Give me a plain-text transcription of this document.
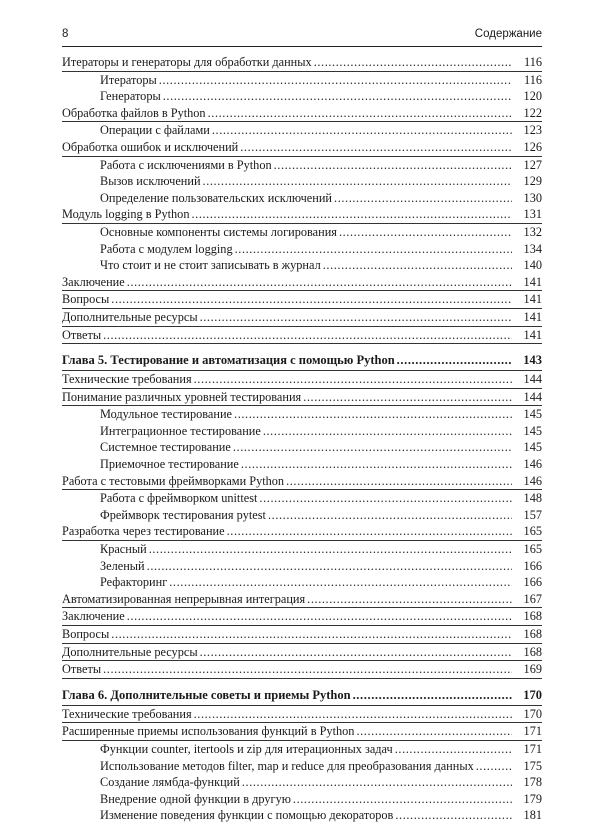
8	Содержание
Итераторы и генераторы для обработки данных .....	116
Итераторы .....	116
Генераторы .....	120
Обработка файлов в Python .....	122
Операции с файлами .....	123
Обработка ошибок и исключений .....	126
Работа с исключениями в Python .....	127
Вызов исключений .....	129
Определение пользовательских исключений .....	130
Модуль logging в Python .....	131
Основные компоненты системы логирования .....	132
Работа с модулем logging .....	134
Что стоит и не стоит записывать в журнал .....	140
Заключение .....	141
Вопросы .....	141
Дополнительные ресурсы .....	141
Ответы .....	141
Глава 5. Тестирование и автоматизация с помощью Python .....	143
Технические требования .....	144
Понимание различных уровней тестирования .....	144
Модульное тестирование .....	145
Интеграционное тестирование .....	145
Системное тестирование .....	145
Приемочное тестирование .....	146
Работа с тестовыми фреймворками Python .....	146
Работа с фреймворком unittest .....	148
Фреймворк тестирования pytest .....	157
Разработка через тестирование .....	165
Красный .....	165
Зеленый .....	166
Рефакторинг .....	166
Автоматизированная непрерывная интеграция .....	167
Заключение .....	168
Вопросы .....	168
Дополнительные ресурсы .....	168
Ответы .....	169
Глава 6. Дополнительные советы и приемы Python .....	170
Технические требования .....	170
Расширенные приемы использования функций в Python .....	171
Функции counter, itertools и zip для итерационных задач .....	171
Использование методов filter, map и reduce для преобразования данных .....	175
Создание лямбда-функций .....	178
Внедрение одной функции в другую .....	179
Изменение поведения функции с помощью декораторов .....	181
